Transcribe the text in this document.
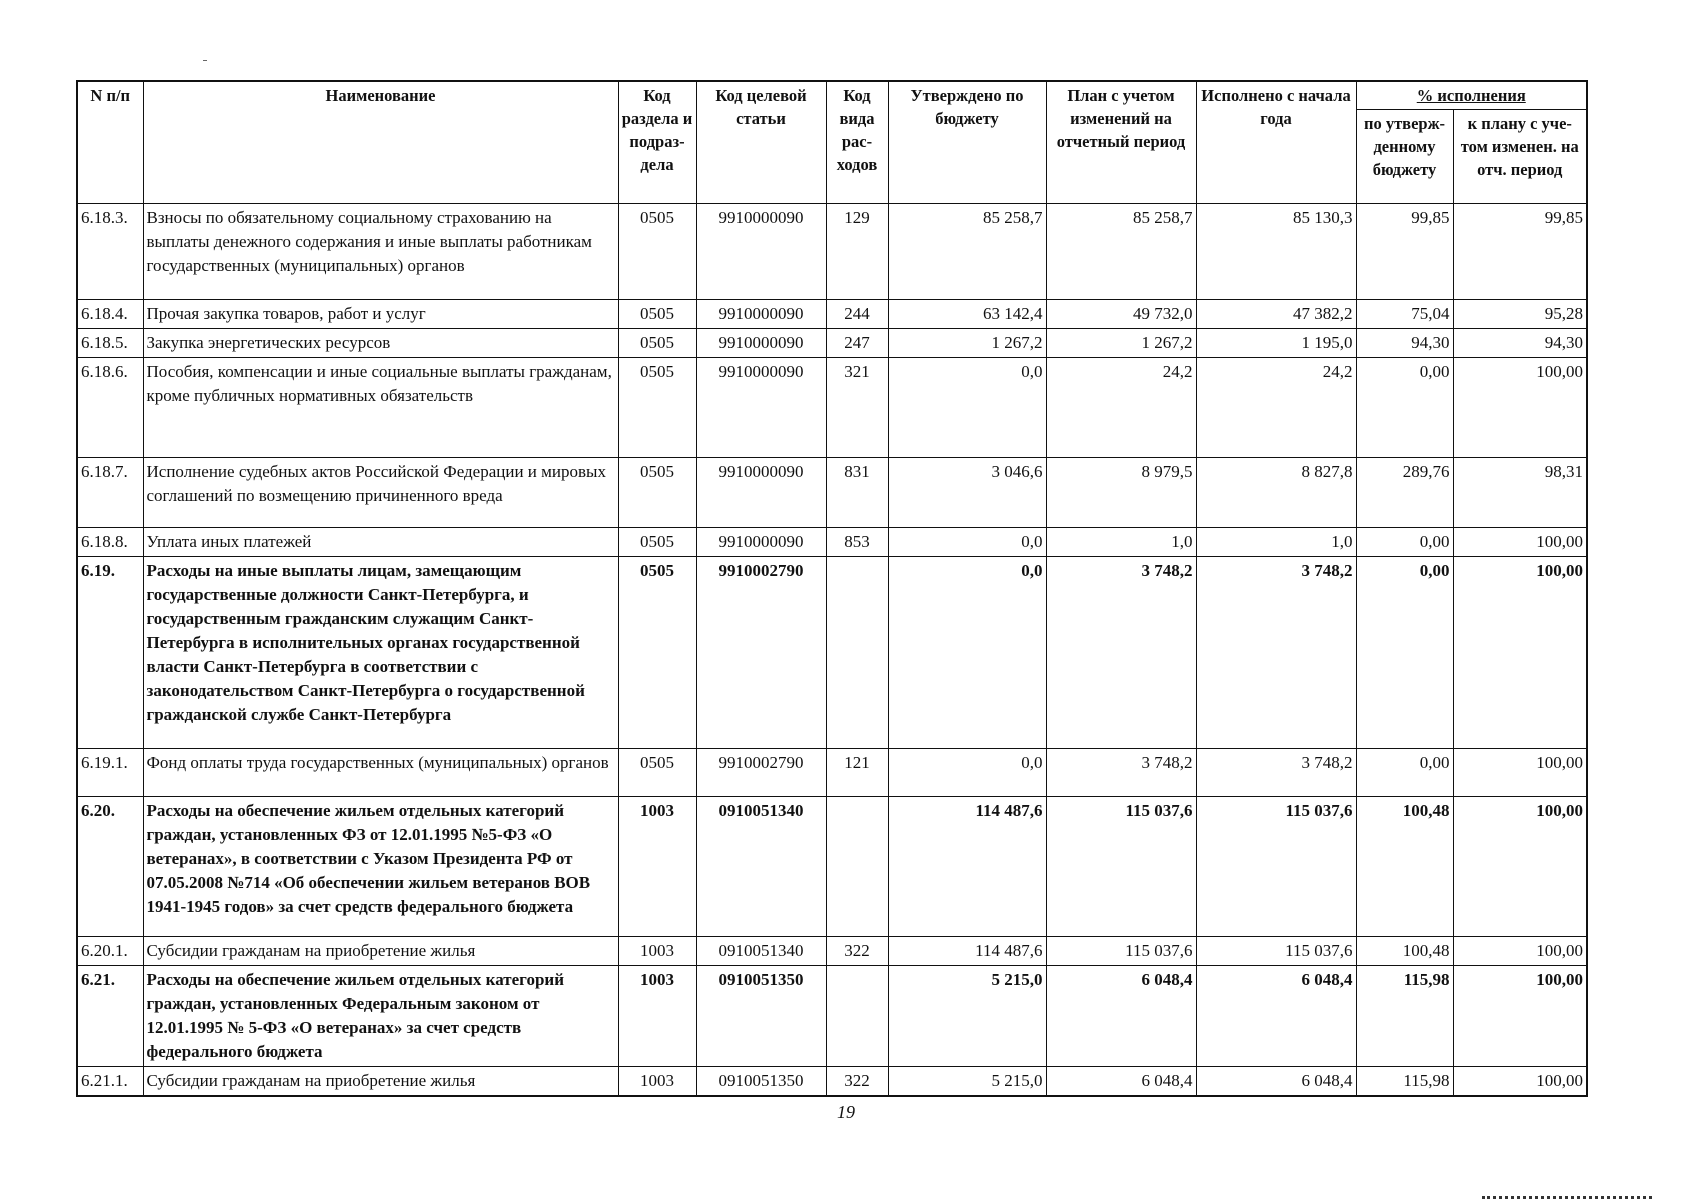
N п/п	Наименование	Код раздела и подраз-дела	Код целевой статьи	Код вида рас-ходов	Утверждено по бюджету	План с учетом изменений на отчетный период	Исполнено с начала года	% исполнения	
								по утверж-денному бюджету	к плану с уче-том изменен. на отч. период
6.18.3.	Взносы по обязательному социальному страхованию на выплаты денежного содержания и иные выплаты работникам государственных (муниципальных) органов	0505	9910000090	129	85 258,7	85 258,7	85 130,3	99,85	99,85
6.18.4.	Прочая закупка товаров, работ и услуг	0505	9910000090	244	63 142,4	49 732,0	47 382,2	75,04	95,28
6.18.5.	Закупка энергетических ресурсов	0505	9910000090	247	1 267,2	1 267,2	1 195,0	94,30	94,30
6.18.6.	Пособия, компенсации и иные социальные выплаты гражданам, кроме публичных нормативных обязательств	0505	9910000090	321	0,0	24,2	24,2	0,00	100,00
6.18.7.	Исполнение судебных актов Российской Федерации и мировых соглашений по возмещению причиненного вреда	0505	9910000090	831	3 046,6	8 979,5	8 827,8	289,76	98,31
6.18.8.	Уплата иных платежей	0505	9910000090	853	0,0	1,0	1,0	0,00	100,00
6.19.	Расходы на иные выплаты лицам, замещающим государственные должности Санкт-Петербурга, и государственным гражданским служащим Санкт-Петербурга в исполнительных органах государственной власти Санкт-Петербурга в соответствии с законодательством Санкт-Петербурга о государственной гражданской службе Санкт-Петербурга	0505	9910002790		0,0	3 748,2	3 748,2	0,00	100,00
6.19.1.	Фонд оплаты труда государственных (муниципальных) органов	0505	9910002790	121	0,0	3 748,2	3 748,2	0,00	100,00
6.20.	Расходы на обеспечение жильем отдельных категорий граждан, установленных ФЗ от 12.01.1995 №5-ФЗ «О ветеранах», в соответствии с Указом Президента РФ от 07.05.2008 №714 «Об обеспечении жильем ветеранов ВОВ 1941-1945 годов» за счет средств федерального бюджета	1003	0910051340		114 487,6	115 037,6	115 037,6	100,48	100,00
6.20.1.	Субсидии гражданам на приобретение жилья	1003	0910051340	322	114 487,6	115 037,6	115 037,6	100,48	100,00
6.21.	Расходы на обеспечение жильем отдельных категорий граждан, установленных Федеральным законом от 12.01.1995 № 5-ФЗ «О ветеранах» за счет средств федерального бюджета	1003	0910051350		5 215,0	6 048,4	6 048,4	115,98	100,00
6.21.1.	Субсидии гражданам на приобретение жилья	1003	0910051350	322	5 215,0	6 048,4	6 048,4	115,98	100,00
19
